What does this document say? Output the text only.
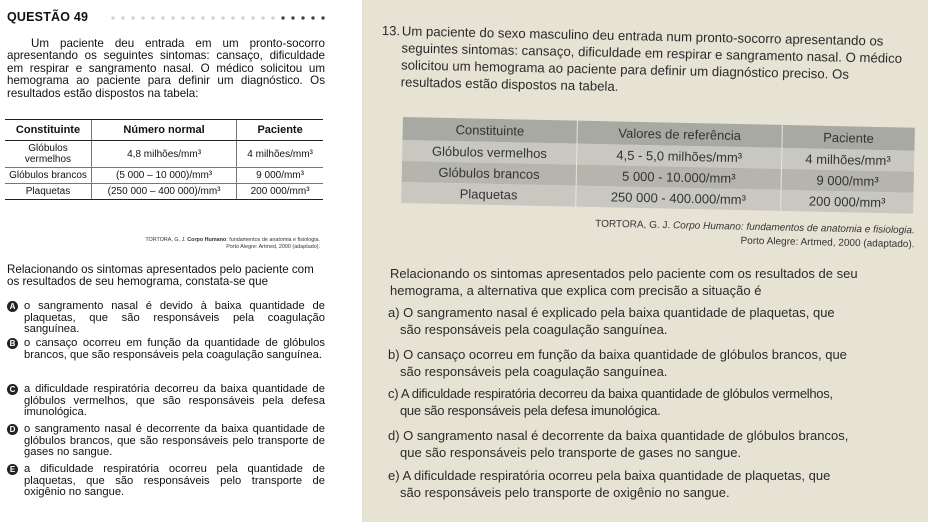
QUESTÃO 49
Um paciente deu entrada em um pronto-socorro apresentando os seguintes sintomas: cansaço, dificuldade em respirar e sangramento nasal. O médico solicitou um hemograma ao paciente para definir um diagnóstico. Os resultados estão dispostos na tabela:
Constituinte	Número normal	Paciente
Glóbulos vermelhos	4,8 milhões/mm³	4 milhões/mm³
Glóbulos brancos	(5 000 – 10 000)/mm³	9 000/mm³
Plaquetas	(250 000 – 400 000)/mm³	200 000/mm³
TORTORA, G. J. Corpo Humano: fundamentos de anatomia e fisiologia.
Porto Alegre: Artmed, 2000 (adaptado).
Relacionando os sintomas apresentados pelo paciente com os resultados de seu hemograma, constata-se que
A o sangramento nasal é devido à baixa quantidade de plaquetas, que são responsáveis pela coagulação sanguínea.
B o cansaço ocorreu em função da quantidade de glóbulos brancos, que são responsáveis pela coagulação sanguínea.
C a dificuldade respiratória decorreu da baixa quantidade de glóbulos vermelhos, que são responsáveis pela defesa imunológica.
D o sangramento nasal é decorrente da baixa quantidade de glóbulos brancos, que são responsáveis pelo transporte de gases no sangue.
E a dificuldade respiratória ocorreu pela quantidade de plaquetas, que são responsáveis pelo transporte de oxigênio no sangue.
13. Um paciente do sexo masculino deu entrada num pronto-socorro apresentando os seguintes sintomas: cansaço, dificuldade em respirar e sangramento nasal. O médico solicitou um hemograma ao paciente para definir um diagnóstico preciso. Os resultados estão dispostos na tabela.
Constituinte	Valores de referência	Paciente
Glóbulos vermelhos	4,5 - 5,0 milhões/mm³	4 milhões/mm³
Glóbulos brancos	5 000 - 10.000/mm³	9 000/mm³
Plaquetas	250 000 - 400.000/mm³	200 000/mm³
TORTORA, G. J. Corpo Humano: fundamentos de anatomia e fisiologia.
Porto Alegre: Artmed, 2000 (adaptado).
Relacionando os sintomas apresentados pelo paciente com os resultados de seu hemograma, a alternativa que explica com precisão a situação é
a) O sangramento nasal é explicado pela baixa quantidade de plaquetas, que
são responsáveis pela coagulação sanguínea.
b) O cansaço ocorreu em função da baixa quantidade de glóbulos brancos, que
são responsáveis pela coagulação sanguínea.
c) A dificuldade respiratória decorreu da baixa quantidade de glóbulos vermelhos,
que são responsáveis pela defesa imunológica.
d) O sangramento nasal é decorrente da baixa quantidade de glóbulos brancos,
que são responsáveis pelo transporte de gases no sangue.
e) A dificuldade respiratória ocorreu pela baixa quantidade de plaquetas, que
são responsáveis pelo transporte de oxigênio no sangue.
